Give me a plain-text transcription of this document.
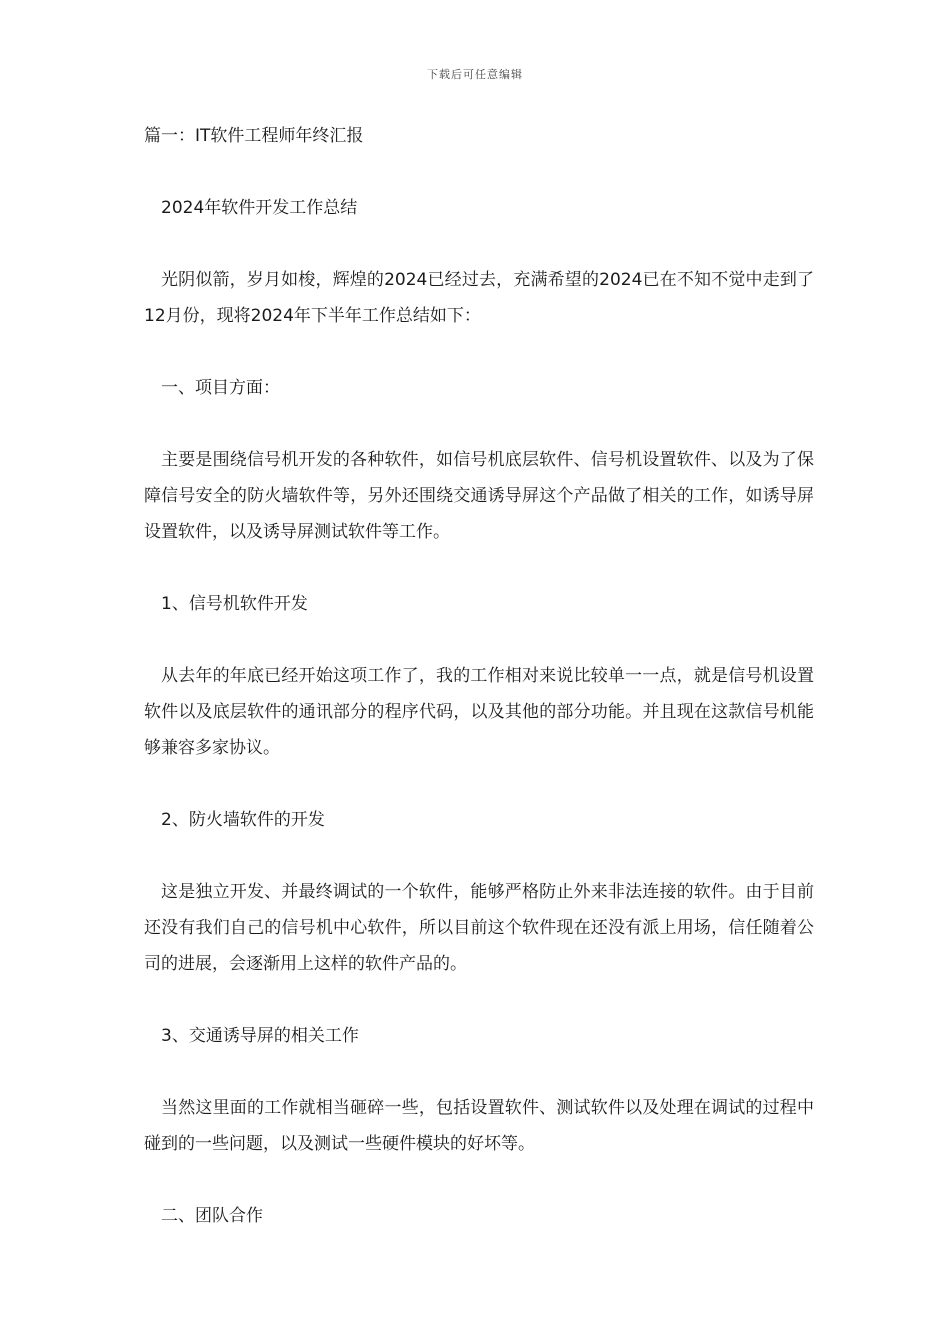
下载后可任意编辑
篇一：IT软件工程师年终汇报
2024年软件开发工作总结

光阴似箭，岁月如梭，辉煌的2024已经过去，充满希望的2024已在不知不觉中走到了12月份，现将2024年下半年工作总结如下：

一、项目方面：

主要是围绕信号机开发的各种软件，如信号机底层软件、信号机设置软件、以及为了保障信号安全的防火墙软件等，另外还围绕交通诱导屏这个产品做了相关的工作，如诱导屏设置软件，以及诱导屏测试软件等工作。

1、信号机软件开发

从去年的年底已经开始这项工作了，我的工作相对来说比较单一一点，就是信号机设置软件以及底层软件的通讯部分的程序代码，以及其他的部分功能。并且现在这款信号机能够兼容多家协议。

2、防火墙软件的开发

这是独立开发、并最终调试的一个软件，能够严格防止外来非法连接的软件。由于目前还没有我们自己的信号机中心软件，所以目前这个软件现在还没有派上用场，信任随着公司的进展，会逐渐用上这样的软件产品的。

3、交通诱导屏的相关工作

当然这里面的工作就相当砸碎一些，包括设置软件、测试软件以及处理在调试的过程中碰到的一些问题，以及测试一些硬件模块的好坏等。

二、团队合作
